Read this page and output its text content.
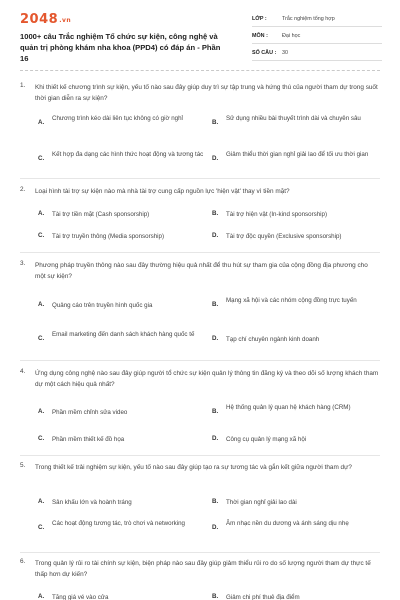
2048.vn
1000+ câu Trắc nghiệm Tổ chức sự kiện, công nghệ và quản trị phòng khám nha khoa (PPD4) có đáp án - Phần 16
LỚP :	Trắc nghiệm tổng hợp
MÔN :	Đại học
SỐ CÂU : 30
1. Khi thiết kế chương trình sự kiện, yếu tố nào sau đây giúp duy trì sự tập trung và hứng thú của người tham dự trong suốt thời gian diễn ra sự kiện?
A.
Chương trình kéo dài liên tục không có giờ nghỉ
B.
Sử dụng nhiều bài thuyết trình dài và chuyên sâu
C.
Kết hợp đa dạng các hình thức hoạt động và tương tác
D.
Giảm thiểu thời gian nghỉ giải lao để tối ưu thời gian
2. Loại hình tài trợ sự kiện nào mà nhà tài trợ cung cấp nguồn lực 'hiện vật' thay vì tiền mặt?
A. Tài trợ tiền mặt (Cash sponsorship)	B. Tài trợ hiện vật (In-kind sponsorship)
C. Tài trợ truyền thông (Media sponsorship)	D. Tài trợ độc quyền (Exclusive sponsorship)
3. Phương pháp truyền thông nào sau đây thường hiệu quả nhất để thu hút sự tham gia của cộng đồng địa phương cho một sự kiện?
A. Quảng cáo trên truyền hình quốc gia	B.
Mạng xã hội và các nhóm cộng đồng trực tuyến
C.
Email marketing đến danh sách khách hàng quốc tế
D. Tạp chí chuyên ngành kinh doanh
4. Ứng dụng công nghệ nào sau đây giúp người tổ chức sự kiện quản lý thông tin đăng ký và theo dõi số lượng khách tham dự một cách hiệu quả nhất?
A. Phần mềm chỉnh sửa video	B.
Hệ thống quản lý quan hệ khách hàng (CRM)
C. Phần mềm thiết kế đồ họa	D. Công cụ quản lý mạng xã hội
5. Trong thiết kế trải nghiệm sự kiện, yếu tố nào sau đây giúp tạo ra sự tương tác và gắn kết giữa người tham dự?
A. Sân khấu lớn và hoành tráng	B. Thời gian nghỉ giải lao dài
C.
Các hoạt động tương tác, trò chơi và networking
D.
Âm nhạc nền du dương và ánh sáng dịu nhẹ
6. Trong quản lý rủi ro tài chính sự kiện, biện pháp nào sau đây giúp giảm thiểu rủi ro do số lượng người tham dự thực tế thấp hơn dự kiến?
A. Tăng giá vé vào cửa	B. Giảm chi phí thuê địa điểm
